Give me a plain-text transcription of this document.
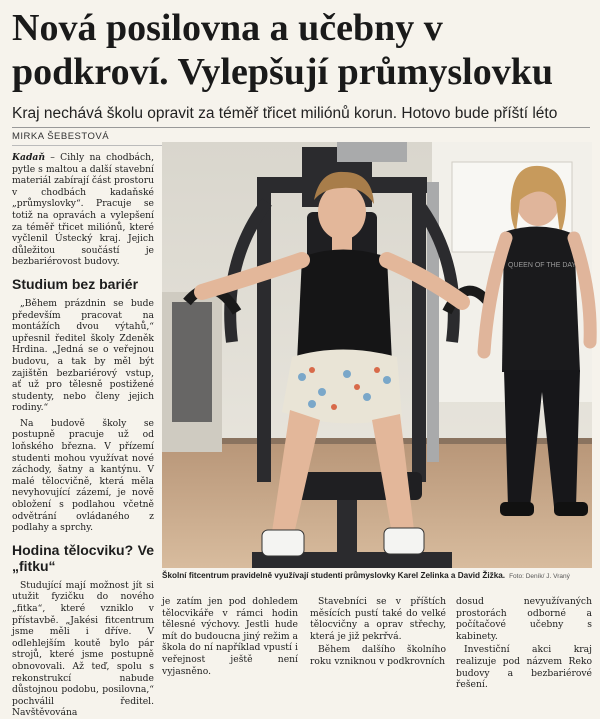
Nová posilovna a učebny v podkroví. Vylepšují průmyslovku
Kraj nechává školu opravit za téměř třicet miliónů korun. Hotovo bude příští léto
MIRKA ŠEBESTOVÁ

Kadaň – Cihly na chodbách, pytle s maltou a další stavební materiál zabírají část prostoru v chodbách kadaňské „průmyslovky“. Pracuje se totiž na opravách a vylepšení za téměř třicet miliónů, které vyčlenil Ústecký kraj. Jejich důležitou součástí je bezbariérovost budovy.

Studium bez bariér

„Během prázdnin se bude především pracovat na montážích dvou výtahů,“ upřesnil ředitel školy Zdeněk Hrdina. „Jedná se o veřejnou budovu, a tak by měl být zajištěn bezbariérový vstup, ať už pro tělesně postižené studenty, nebo členy jejich rodiny.“

Na budově školy se postupně pracuje už od loňského března. V přízemí studenti mohou využívat nové záchody, šatny a kantýnu. V malé tělocvičně, která měla nevyhovující zázemí, je nově obložení s podlahou včetně odvětrání ovládaného z podlahy a sprchy.

Hodina tělocviku? Ve „fitku“

Studující mají možnost jít si utužit fyzičku do nového „fitka“, které vzniklo v přístavbě. „Jakési fitcentrum jsme měli i dříve. V odlehlejším koutě bylo pár strojů, které jsme postupně obnovovali. Až teď, spolu s rekonstrukcí nabude důstojnou podobu, posilovna,“ pochválil ředitel. Navštěvována

QUEEN OF THE DAY
Školní fitcentrum pravidelně využívají studenti průmyslovky Karel Zelinka a David Žižka. Foto: Deník/ J. Vraný

je zatím jen pod dohledem tělocvikáře v rámci hodin tělesné výchovy. Jestli hude mít do budoucna jiný režim a škola do ní například vpustí i veřejnost ještě není vyjasněno.

Stavebníci se v příštích měsících pustí také do velké tělocvičny a oprav střechy, která je již pekrřvá.

Během dalšího školního roku vzniknou v podkrovních

dosud nevyužívaných prostorách odborné a počítačové učebny s kabinety.

Investiční akci kraj realizuje pod názvem Reko budovy a bezbariérové řešení.
